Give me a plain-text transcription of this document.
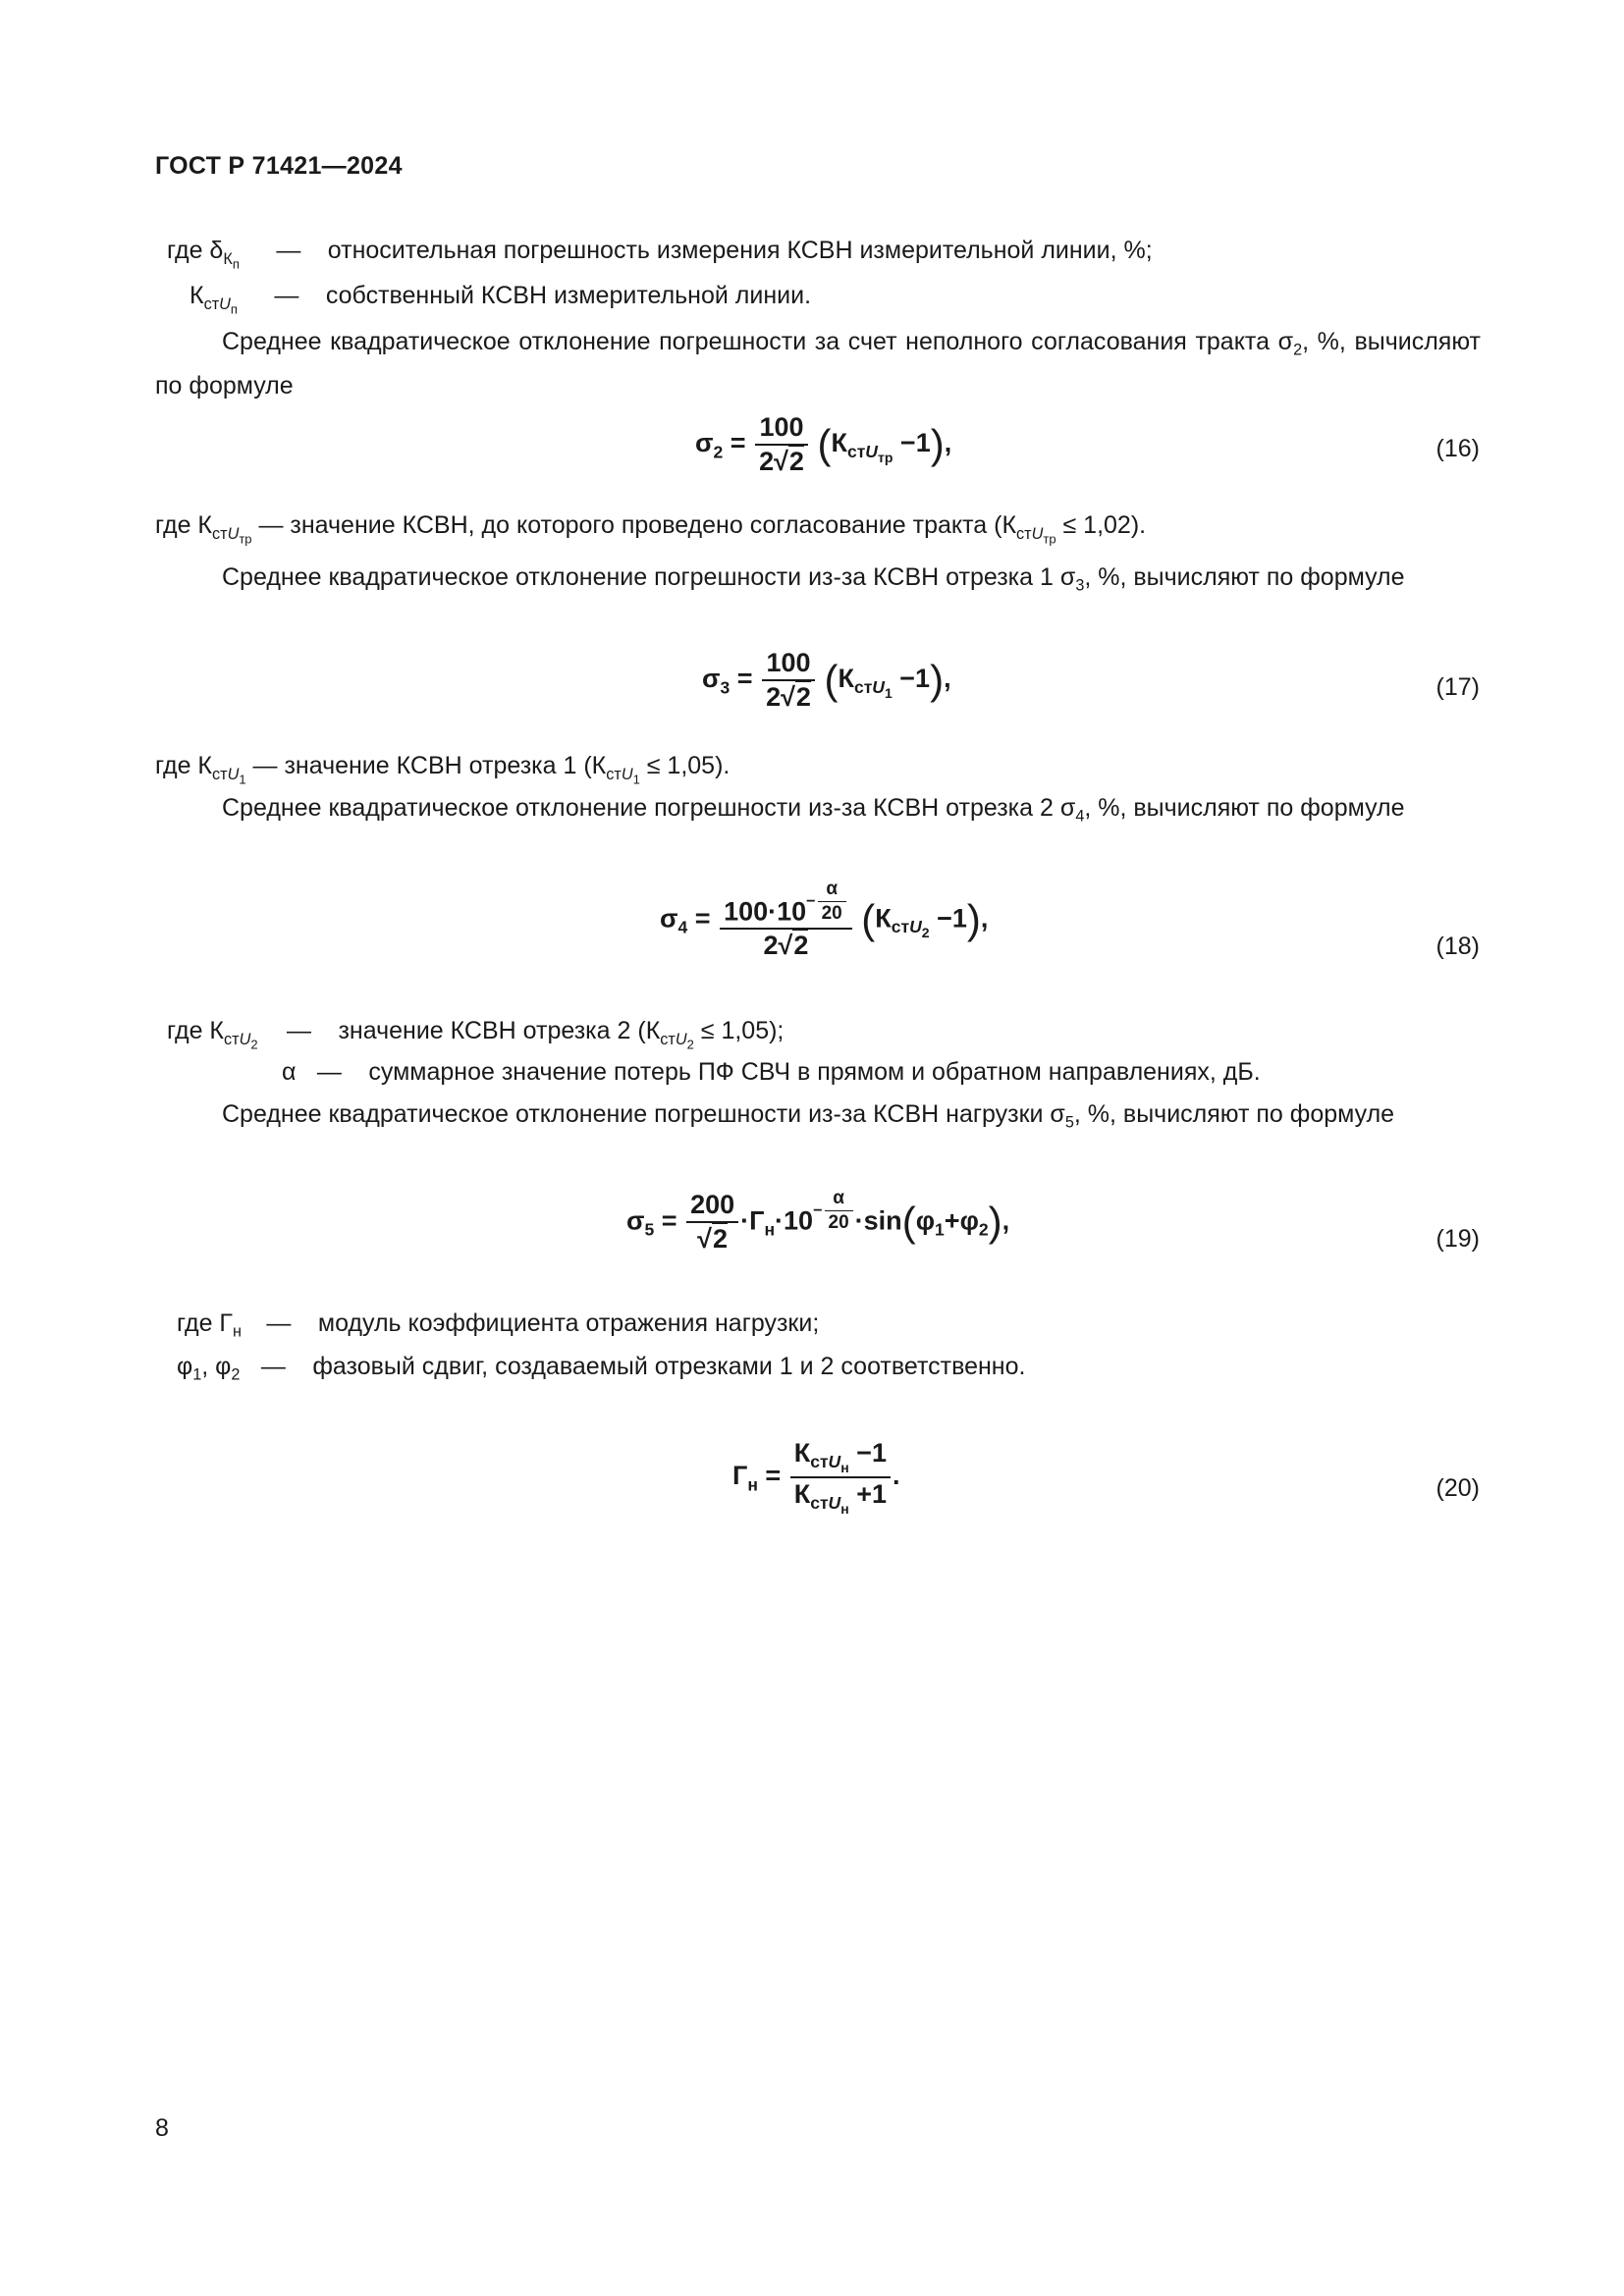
ГОСТ Р 71421—2024
где $\delta_{К_п}$ — относительная погрешность измерения КСВН измерительной линии, %;
$К_{стU_п}$ — собственный КСВН измерительной линии.
Среднее квадратическое отклонение погрешности за счет неполного согласования тракта $\sigma_2$, %, вычисляют по формуле
$\sigma_2 = \frac{100}{2√2} (К_{стU_{тр}} -1)$,	(16)
где $К_{стU_{тр}}$ — значение КСВН, до которого проведено согласование тракта $(К_{стU_{тр}} \le 1,02)$.
Среднее квадратическое отклонение погрешности из-за КСВН отрезка 1 $\sigma_3$, %, вычисляют по формуле
$\sigma_3 = \frac{100}{2√2} (К_{стU_1} -1)$,	(17)
где $К_{стU_1}$ — значение КСВН отрезка 1 $(К_{стU_1} \le 1,05)$.
Среднее квадратическое отклонение погрешности из-за КСВН отрезка 2 $\sigma_4$, %, вычисляют по формуле
$\sigma_4 = 100\cdot 10^{- \frac{\alpha}{20}}$
2√2 $(К_{стU_2} -1)$,
(18)
где $К_{стU_2}$ — значение КСВН отрезка 2 $(К_{стU_2} \le 1,05)$;
α — суммарное значение потерь ПФ СВЧ в прямом и обратном направлениях, дБ.
Среднее квадратическое отклонение погрешности из-за КСВН нагрузки $\sigma_5$, %, вычисляют по формуле
$\sigma_5 = \frac{200}{√2} \cdot Г_н\cdot 10^{- \frac{\alpha}{20}} \cdot\sin(\varphi_1+\varphi_2)$,
(19)
где $Г_н$ — модуль коэффициента отражения нагрузки;
$\varphi_1$, $\varphi_2$ — фазовый сдвиг, создаваемый отрезками 1 и 2 соответственно.
$Г_н = \frac{К_{стU_н} -1}{К_{стU_н} +1}$ .	(20)
8
